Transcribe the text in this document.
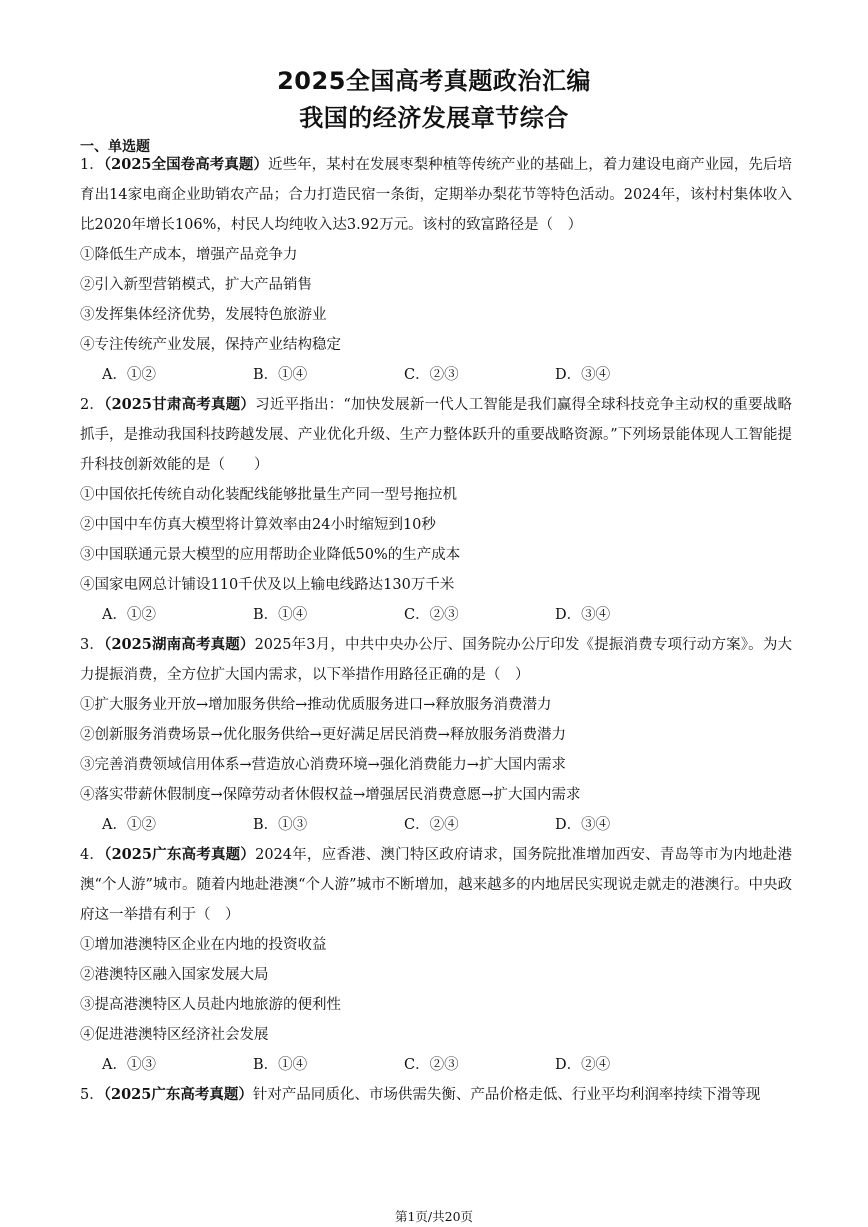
2025全国高考真题政治汇编
我国的经济发展章节综合
一、单选题

1．（2025全国卷高考真题）近些年，某村在发展枣梨种植等传统产业的基础上，着力建设电商产业园，先后培育出14家电商企业助销农产品；合力打造民宿一条街，定期举办梨花节等特色活动。2024年，该村村集体收入比2020年增长106%，村民人均纯收入达3.92万元。该村的致富路径是（　）

①降低生产成本，增强产品竞争力

②引入新型营销模式，扩大产品销售

③发挥集体经济优势，发展特色旅游业

④专注传统产业发展，保持产业结构稳定

A．①②	B．①④	C．②③	D．③④

2．（2025甘肃高考真题）习近平指出：“加快发展新一代人工智能是我们赢得全球科技竞争主动权的重要战略抓手，是推动我国科技跨越发展、产业优化升级、生产力整体跃升的重要战略资源。”下列场景能体现人工智能提升科技创新效能的是（　　）

①中国依托传统自动化装配线能够批量生产同一型号拖拉机

②中国中车仿真大模型将计算效率由24小时缩短到10秒

③中国联通元景大模型的应用帮助企业降低50%的生产成本

④国家电网总计铺设110千伏及以上输电线路达130万千米

A．①②	B．①④	C．②③	D．③④

3．（2025湖南高考真题）2025年3月，中共中央办公厅、国务院办公厅印发《提振消费专项行动方案》。为大力提振消费，全方位扩大国内需求，以下举措作用路径正确的是（　）

①扩大服务业开放→增加服务供给→推动优质服务进口→释放服务消费潜力

②创新服务消费场景→优化服务供给→更好满足居民消费→释放服务消费潜力

③完善消费领域信用体系→营造放心消费环境→强化消费能力→扩大国内需求

④落实带薪休假制度→保障劳动者休假权益→增强居民消费意愿→扩大国内需求

A．①②	B．①③	C．②④	D．③④

4．（2025广东高考真题）2024年，应香港、澳门特区政府请求，国务院批准增加西安、青岛等市为内地赴港澳“个人游”城市。随着内地赴港澳“个人游”城市不断增加，越来越多的内地居民实现说走就走的港澳行。中央政府这一举措有利于（　）

①增加港澳特区企业在内地的投资收益

②港澳特区融入国家发展大局

③提高港澳特区人员赴内地旅游的便利性

④促进港澳特区经济社会发展

A．①③	B．①④	C．②③	D．②④

5．（2025广东高考真题）针对产品同质化、市场供需失衡、产品价格走低、行业平均利润率持续下滑等现

第1页/共20页
